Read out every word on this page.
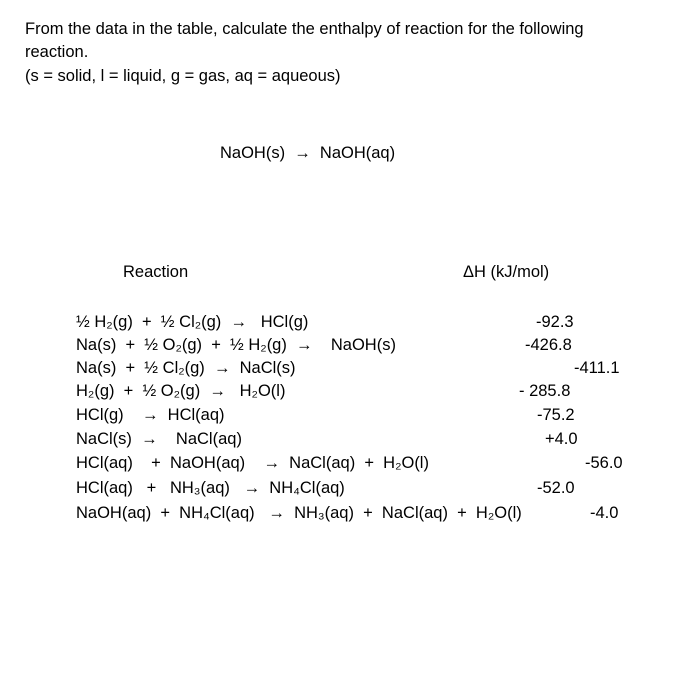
From the data in the table, calculate the enthalpy of reaction for the following
reaction.
(s = solid, l = liquid, g = gas, aq = aqueous)
NaOH(s)  →  NaOH(aq)
Reaction	ΔH (kJ/mol)
½ H₂(g)  +  ½ Cl₂(g)  →   HCl(g)	-92.3
Na(s)  +  ½ O₂(g)  +  ½ H₂(g)  →    NaOH(s)	-426.8
Na(s)  +  ½ Cl₂(g)  →  NaCl(s)	-411.1
H₂(g)  +  ½ O₂(g)  →   H₂O(l)	- 285.8
HCl(g)    →  HCl(aq)	-75.2
NaCl(s)  →    NaCl(aq)	+4.0
HCl(aq)    +  NaOH(aq)    →  NaCl(aq)  +  H₂O(l)	-56.0
HCl(aq)   +   NH₃(aq)   →  NH₄Cl(aq)	-52.0
NaOH(aq)  +  NH₄Cl(aq)   →  NH₃(aq)  +  NaCl(aq)  +  H₂O(l)	-4.0
